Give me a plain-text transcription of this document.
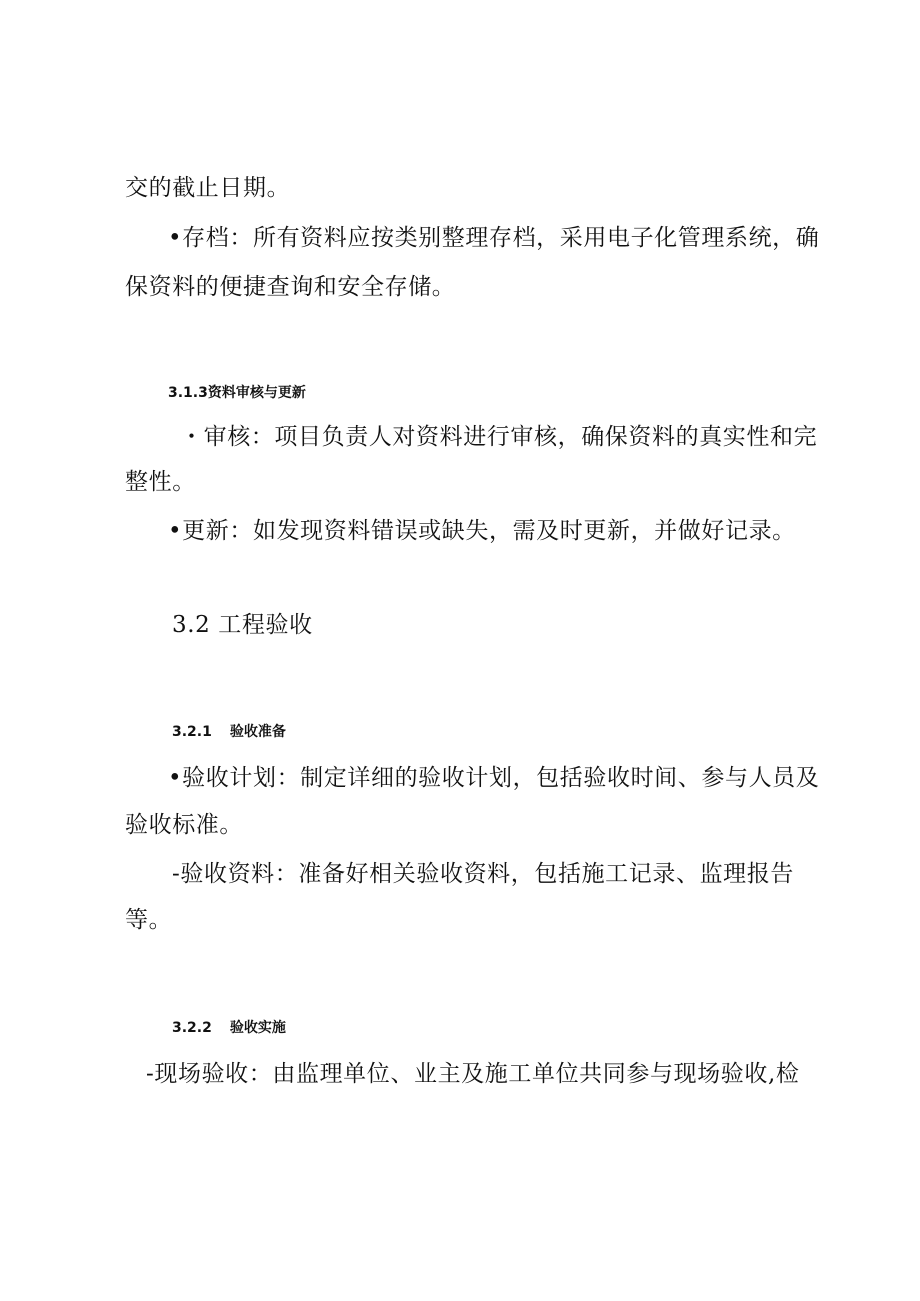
交的截止日期。
•存档：所有资料应按类别整理存档，采用电子化管理系统，确
保资料的便捷查询和安全存储。
3.1.3资料审核与更新
・审核：项目负责人对资料进行审核，确保资料的真实性和完
整性。
•更新：如发现资料错误或缺失，需及时更新，并做好记录。
3.2 工程验收
3.2.1 验收准备
•验收计划：制定详细的验收计划，包括验收时间、参与人员及
验收标准。
-验收资料：准备好相关验收资料，包括施工记录、监理报告
等。
3.2.2 验收实施
-现场验收：由监理单位、业主及施工单位共同参与现场验收,检
